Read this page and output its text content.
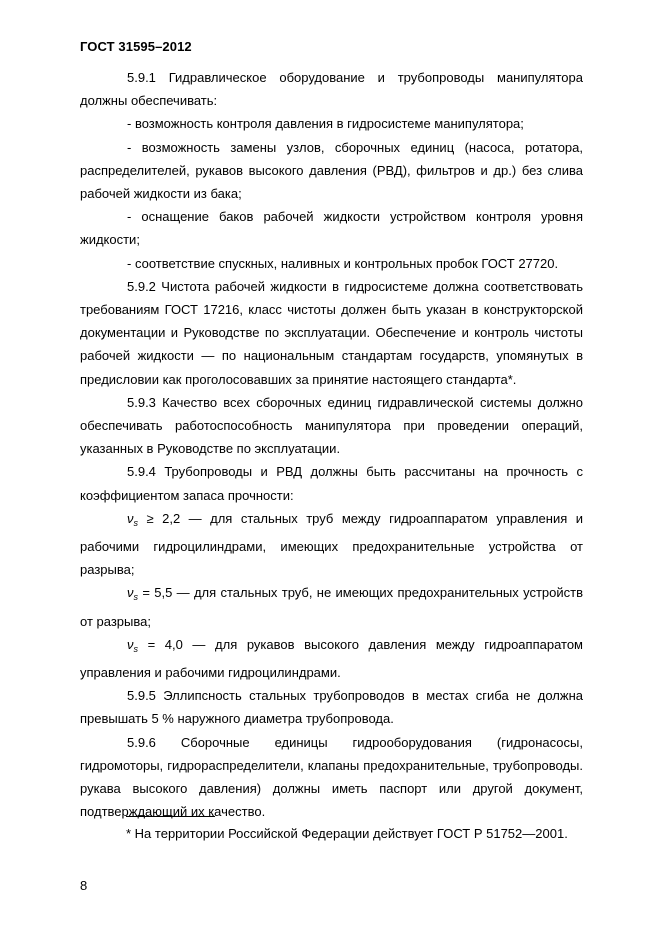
ГОСТ 31595–2012

5.9.1 Гидравлическое оборудование и трубопроводы манипулятора должны обеспечивать:

- возможность контроля давления в гидросистеме манипулятора;

- возможность замены узлов, сборочных единиц (насоса, ротатора, распределителей, рукавов высокого давления (РВД), фильтров и др.) без слива рабочей жидкости из бака;

- оснащение баков рабочей жидкости устройством контроля уровня жидкости;

- соответствие спускных, наливных и контрольных пробок ГОСТ 27720.

5.9.2 Чистота рабочей жидкости в гидросистеме должна соответствовать требованиям ГОСТ 17216, класс чистоты должен быть указан в конструкторской документации и Руководстве по эксплуатации. Обеспечение и контроль чистоты рабочей жидкости — по национальным стандартам государств, упомянутых в предисловии как проголосовавших за принятие настоящего стандарта*.

5.9.3 Качество всех сборочных единиц гидравлической системы должно обеспечивать работоспособность манипулятора при проведении операций, указанных в Руководстве по эксплуатации.

5.9.4 Трубопроводы и РВД должны быть рассчитаны на прочность с коэффициентом запаса прочности:

$\nu_s \ge 2,2$ — для стальных труб между гидроаппаратом управления и рабочими гидроцилиндрами, имеющих предохранительные устройства от разрыва;

$\nu_s = 5,5$ — для стальных труб, не имеющих предохранительных устройств от разрыва;

$\nu_s = 4,0$ — для рукавов высокого давления между гидроаппаратом управления и рабочими гидроцилиндрами.

5.9.5 Эллипсность стальных трубопроводов в местах сгиба не должна превышать 5 % наружного диаметра трубопровода.

5.9.6 Сборочные единицы гидрооборудования (гидронасосы, гидромоторы, гидрораспределители, клапаны предохранительные, трубопроводы. рукава высокого давления) должны иметь паспорт или другой документ, подтверждающий их качество.

* На территории Российской Федерации действует ГОСТ Р 51752—2001.
8
